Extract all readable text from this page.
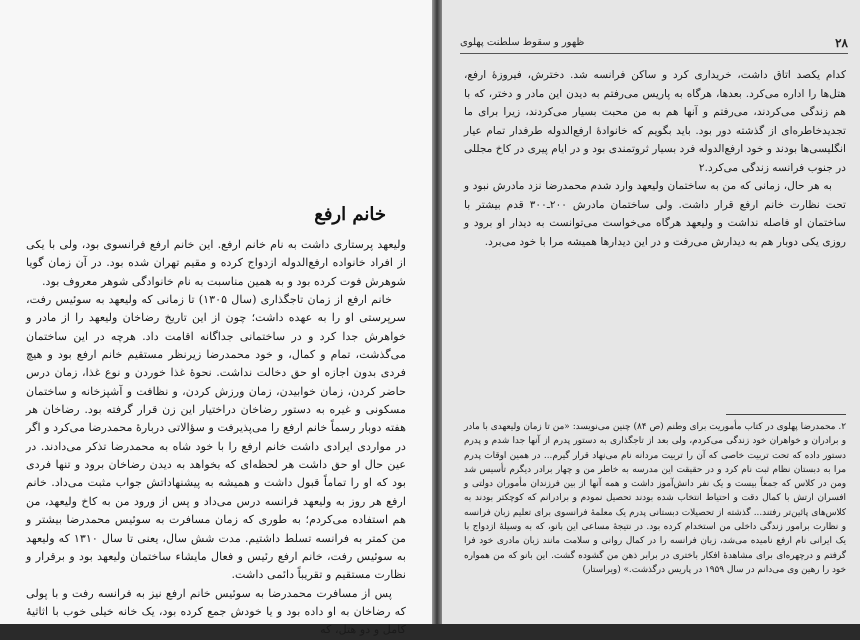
خانم ارفع

ولیعهد پرستاری داشت به نام خانم ارفع. این خانم ارفع فرانسوی بود، ولی با یکی از افراد خانواده ارفع‌الدوله ازدواج کرده و مقیم تهران شده بود. در آن زمان گویا شوهرش فوت کرده بود و به همین مناسبت به نام خانوادگی شوهر معروف بود.

خانم ارفع از زمان تاجگذاری (سال ۱۳۰۵) تا زمانی که ولیعهد به سوئیس رفت، سرپرستی او را به عهده داشت؛ چون از این تاریخ رضاخان ولیعهد را از مادر و خواهرش جدا کرد و در ساختمانی جداگانه اقامت داد. هرچه در این ساختمان می‌گذشت، تمام و کمال، و خود محمدرضا زیرنظر مستقیم خانم ارفع بود و هیچ فردی بدون اجازه او حق دخالت نداشت. نحوهٔ غذا خوردن و نوع غذا، زمان درس حاضر کردن، زمان خوابیدن، زمان ورزش کردن، و نظافت و آشپزخانه و ساختمان مسکونی و غیره به دستور رضاخان دراختیار این زن قرار گرفته بود. رضاخان هر هفته دوبار رسماً خانم ارفع را می‌پذیرفت و سؤالاتی دربارهٔ محمدرضا می‌کرد و اگر در مواردی ایرادی داشت خانم ارفع را با خود شاه به محمدرضا تذکر می‌دادند. در عین حال او حق داشت هر لحظه‌ای که بخواهد به دیدن رضاخان برود و تنها فردی بود که او را تماماً قبول داشت و همیشه به پیشنهاداتش جواب مثبت می‌داد. خانم ارفع هر روز به ولیعهد فرانسه درس می‌داد و پس از ورود من به کاخ ولیعهد، من هم استفاده می‌کردم؛ به طوری که زمان مسافرت به سوئیس محمدرضا بیشتر و من کمتر به فرانسه تسلط داشتیم. مدت شش سال، یعنی تا سال ۱۳۱۰ که ولیعهد به سوئیس رفت، خانم ارفع رئیس و فعال مایشاء ساختمان ولیعهد بود و برقرار و نظارت مستقیم و تقریباً دائمی داشت.

پس از مسافرت محمدرضا به سوئیس خانم ارفع نیز به فرانسه رفت و با پولی که رضاخان به او داده بود و یا خودش جمع کرده بود، یک خانه خیلی خوب با اثاثیهٔ کامل و دو هتل، که

۲۸
ظهور و سقوط سلطنت پهلوی

کدام یکصد اتاق داشت، خریداری کرد و ساکن فرانسه شد. دخترش، فیروزهٔ ارفع، هتل‌ها را اداره می‌کرد. بعدها، هرگاه به پاریس می‌رفتم به دیدن این مادر و دختر، که با هم زندگی می‌کردند، می‌رفتم و آنها هم به من محبت بسیار می‌کردند، زیرا برای ما تجدیدخاطره‌ای از گذشته دور بود. باید بگویم که خانوادهٔ ارفع‌الدوله طرفدار تمام عیار انگلیسی‌ها بودند و خود ارفع‌الدوله فرد بسیار ثروتمندی بود و در ایام پیری در کاخ مجللی در جنوب فرانسه زندگی می‌کرد.۲

به هر حال، زمانی که من به ساختمان ولیعهد وارد شدم محمدرضا نزد مادرش نبود و تحت نظارت خانم ارفع قرار داشت. ولی ساختمان مادرش ۲۰۰ـ۳۰۰ قدم بیشتر با ساختمان او فاصله نداشت و ولیعهد هرگاه می‌خواست می‌توانست به دیدار او برود و روزی یکی دوبار هم به دیدارش می‌رفت و در این دیدارها همیشه مرا با خود می‌برد.

۲. محمدرضا پهلوی در کتاب مأموریت برای وطنم (ص ۸۴) چنین می‌نویسد: «من تا زمان ولیعهدی با مادر و برادران و خواهران خود زندگی می‌کردم، ولی بعد از تاجگذاری به دستور پدرم از آنها جدا شدم و پدرم دستور داده که تحت تربیت خاصی که آن را تربیت مردانه نام می‌نهاد قرار گیرم... در همین اوقات پدرم مرا به دبستان نظام ثبت نام کرد و در حقیقت این مدرسه به خاطر من و چهار برادر دیگرم تأسیس شد ومن در کلاس که جمعاً بیست و یک نفر دانش‌آموز داشت و همه آنها از بین فرزندان مأموران دولتی و افسران ارتش با کمال دقت و احتیاط انتخاب شده بودند تحصیل نمودم و برادرانم که کوچکتر بودند به کلاس‌های پائین‌تر رفتند... گذشته از تحصیلات دبستانی پدرم یک معلمهٔ فرانسوی برای تعلیم زبان فرانسه و نظارت برامور زندگی داخلی من استخدام کرده بود. در نتیجهٔ مساعی این بانو، که به وسیلهٔ ازدواج با یک ایرانی نام ارفع نامیده می‌شد، زبان فرانسه را در کمال روانی و سلامت مانند زبان مادری خود فرا گرفتم و درچهره‌ای برای مشاهدهٔ افکار باختری در برابر ذهن من گشوده گشت. این بانو که من همواره خود را رهین وی می‌دانم در سال ۱۹۵۹ در پاریس درگذشت.» (ویراستار)
